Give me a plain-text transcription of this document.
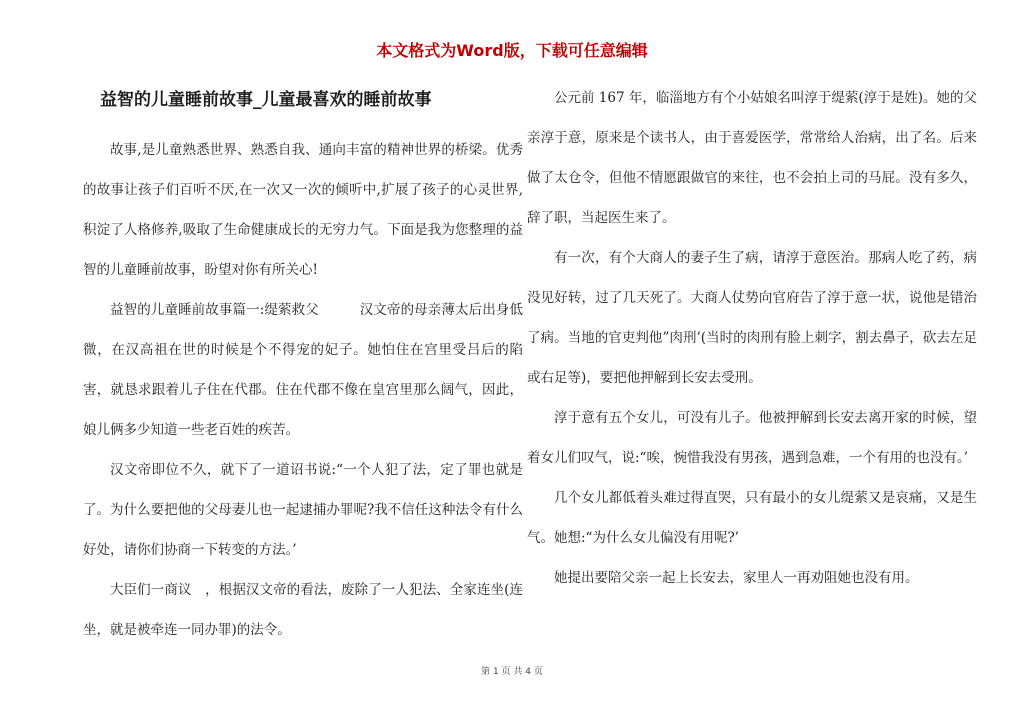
本文格式为Word版，下载可任意编辑
益智的儿童睡前故事_儿童最喜欢的睡前故事

故事,是儿童熟悉世界、熟悉自我、通向丰富的精神世界的桥梁。优秀的故事让孩子们百听不厌,在一次又一次的倾听中,扩展了孩子的心灵世界,积淀了人格修养,吸取了生命健康成长的无穷力气。下面是我为您整理的益智的儿童睡前故事，盼望对你有所关心!

益智的儿童睡前故事篇一:缇萦救父　　　汉文帝的母亲薄太后出身低微，在汉高祖在世的时候是个不得宠的妃子。她怕住在宫里受吕后的陷害，就恳求跟着儿子住在代郡。住在代郡不像在皇宫里那么阔气，因此，娘儿俩多少知道一些老百姓的疾苦。

汉文帝即位不久，就下了一道诏书说:“一个人犯了法，定了罪也就是了。为什么要把他的父母妻儿也一起逮捕办罪呢?我不信任这种法令有什么好处，请你们协商一下转变的方法。’

大臣们一商议　，根据汉文帝的看法，废除了一人犯法、全家连坐(连坐，就是被牵连一同办罪)的法令。

公元前 167 年，临淄地方有个小姑娘名叫淳于缇萦(淳于是姓)。她的父亲淳于意，原来是个读书人，由于喜爱医学，常常给人治病，出了名。后来做了太仓令，但他不情愿跟做官的来往，也不会拍上司的马屁。没有多久，辞了职，当起医生来了。

有一次，有个大商人的妻子生了病，请淳于意医治。那病人吃了药，病没见好转，过了几天死了。大商人仗势向官府告了淳于意一状，说他是错治了病。当地的官吏判他”肉刑’(当时的肉刑有脸上刺字，割去鼻子，砍去左足或右足等)，要把他押解到长安去受刑。

淳于意有五个女儿，可没有儿子。他被押解到长安去离开家的时候，望着女儿们叹气，说:“唉，惋惜我没有男孩，遇到急难，一个有用的也没有。’

几个女儿都低着头难过得直哭，只有最小的女儿缇萦又是哀痛，又是生气。她想:“为什么女儿偏没有用呢?’

她提出要陪父亲一起上长安去，家里人一再劝阻她也没有用。

第 1 页 共 4 页
